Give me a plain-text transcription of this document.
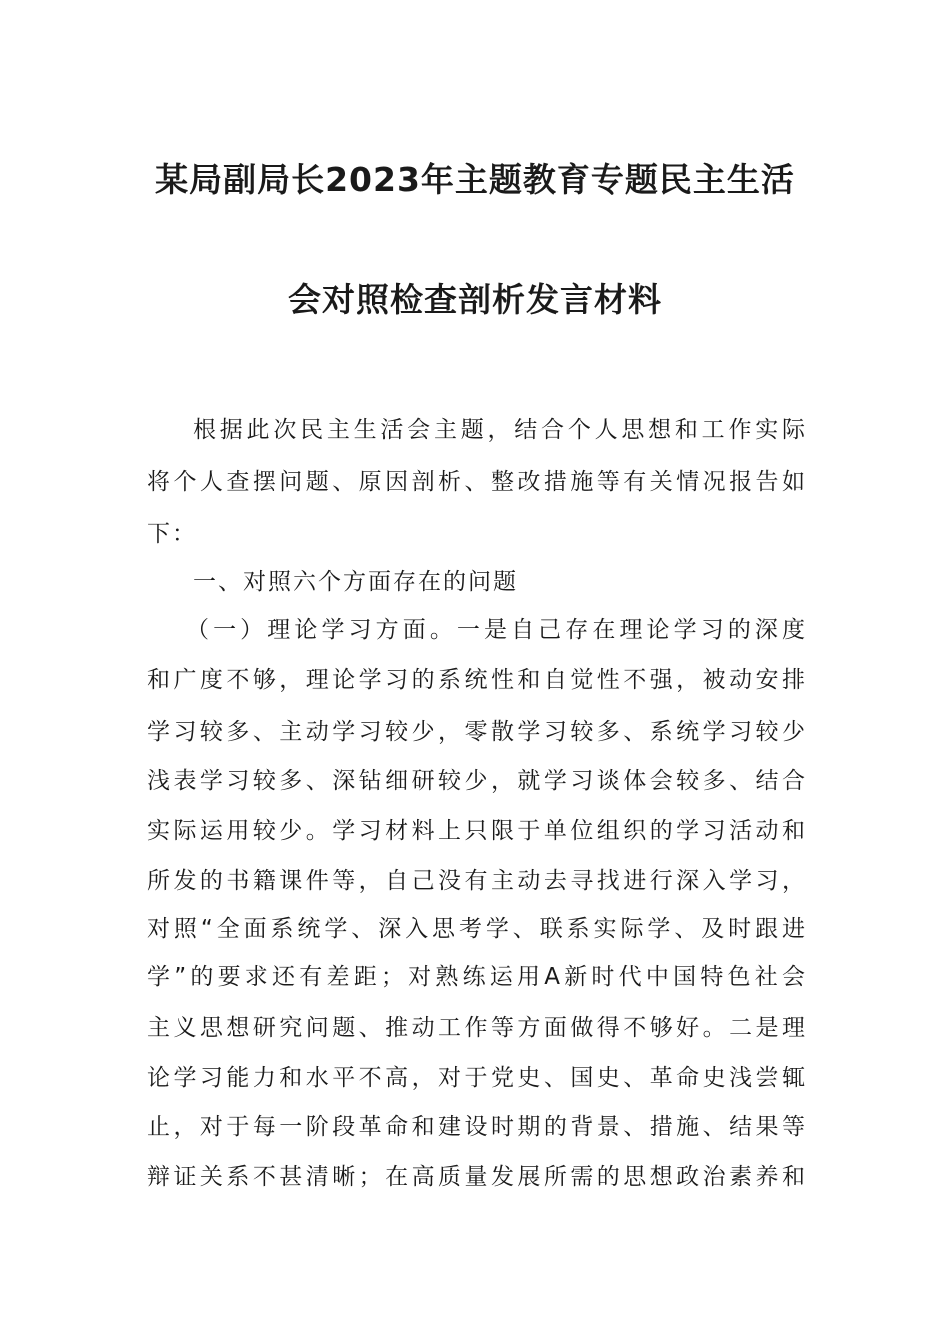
某局副局长2023年主题教育专题民主生活
会对照检查剖析发言材料
根据此次民主生活会主题，结合个人思想和工作实际
将个人查摆问题、原因剖析、整改措施等有关情况报告如
下：
一、对照六个方面存在的问题
（一）理论学习方面。一是自己存在理论学习的深度
和广度不够，理论学习的系统性和自觉性不强，被动安排
学习较多、主动学习较少，零散学习较多、系统学习较少
浅表学习较多、深钻细研较少，就学习谈体会较多、结合
实际运用较少。学习材料上只限于单位组织的学习活动和
所发的书籍课件等，自己没有主动去寻找进行深入学习，
对照“全面系统学、深入思考学、联系实际学、及时跟进
学”的要求还有差距；对熟练运用A新时代中国特色社会
主义思想研究问题、推动工作等方面做得不够好。二是理
论学习能力和水平不高，对于党史、国史、革命史浅尝辄
止，对于每一阶段革命和建设时期的背景、措施、结果等
辩证关系不甚清晰；在高质量发展所需的思想政治素养和
